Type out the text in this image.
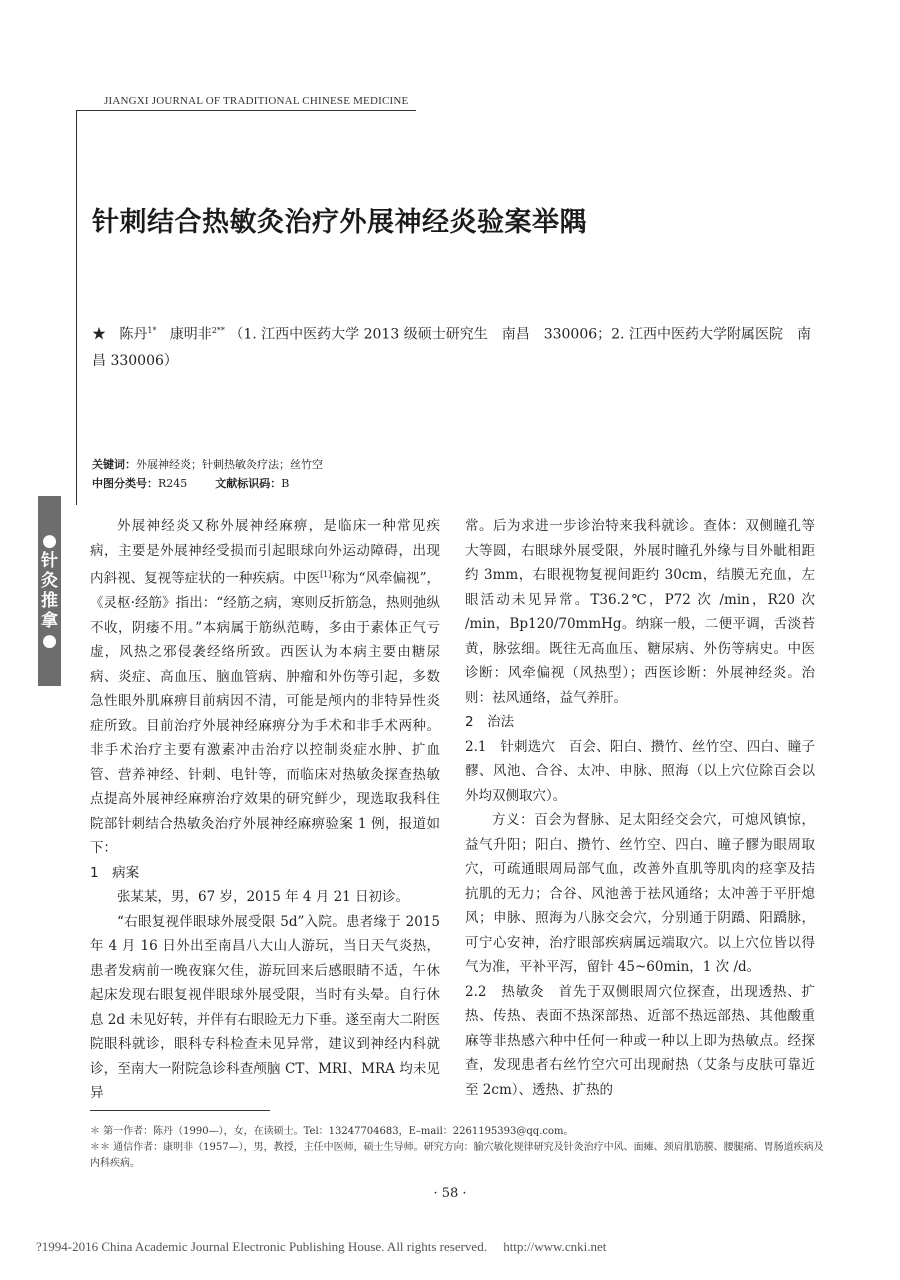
JIANGXI JOURNAL OF TRADITIONAL CHINESE MEDICINE
针刺结合热敏灸治疗外展神经炎验案举隅
★ 陈丹$^{1*}$ 康明非$^{2**}$ （1. 江西中医药大学 2013 级硕士研究生　南昌　330006；2. 江西中医药大学附属医院　南昌 330006）
关键词：外展神经炎；针刺热敏灸疗法；丝竹空
中图分类号：R245	文献标识码：B
●
针
灸
推
拿
●

外展神经炎又称外展神经麻痹，是临床一种常见疾病，主要是外展神经受损而引起眼球向外运动障碍，出现内斜视、复视等症状的一种疾病。中医[1]称为“风牵偏视”，《灵枢·经筋》指出：“经筋之病，寒则反折筋急，热则弛纵不收，阴痿不用。”本病属于筋纵范畴，多由于素体正气亏虚，风热之邪侵袭经络所致。西医认为本病主要由糖尿病、炎症、高血压、脑血管病、肿瘤和外伤等引起，多数急性眼外肌麻痹目前病因不清，可能是颅内的非特异性炎症所致。目前治疗外展神经麻痹分为手术和非手术两种。非手术治疗主要有激素冲击治疗以控制炎症水肿、扩血管、营养神经、针刺、电针等，而临床对热敏灸探查热敏点提高外展神经麻痹治疗效果的研究鲜少，现选取我科住院部针刺结合热敏灸治疗外展神经麻痹验案 1 例，报道如下：

1　病案

张某某，男，67 岁，2015 年 4 月 21 日初诊。

“右眼复视伴眼球外展受限 5d”入院。患者缘于 2015 年 4 月 16 日外出至南昌八大山人游玩，当日天气炎热，患者发病前一晚夜寐欠佳，游玩回来后感眼睛不适，午休起床发现右眼复视伴眼球外展受限，当时有头晕。自行休息 2d 未见好转，并伴有右眼睑无力下垂。遂至南大二附医院眼科就诊，眼科专科检查未见异常，建议到神经内科就诊，至南大一附院急诊科查颅脑 CT、MRI、MRA 均未见异

常。后为求进一步诊治特来我科就诊。查体：双侧瞳孔等大等圆，右眼球外展受限，外展时瞳孔外缘与目外眦相距约 3mm，右眼视物复视间距约 30cm，结膜无充血，左眼活动未见异常。T36.2℃，P72 次 /min，R20 次 /min，Bp120/70mmHg。纳寐一般，二便平调，舌淡苔黄，脉弦细。既往无高血压、糖尿病、外伤等病史。中医诊断：风牵偏视（风热型）；西医诊断：外展神经炎。治则：祛风通络，益气养肝。

2　治法

2.1　针刺选穴　百会、阳白、攒竹、丝竹空、四白、瞳子髎、风池、合谷、太冲、申脉、照海（以上穴位除百会以外均双侧取穴）。

方义：百会为督脉、足太阳经交会穴，可熄风镇惊，益气升阳；阳白、攒竹、丝竹空、四白、瞳子髎为眼周取穴，可疏通眼周局部气血，改善外直肌等肌肉的痉挛及拮抗肌的无力；合谷、风池善于祛风通络；太冲善于平肝熄风；申脉、照海为八脉交会穴，分别通于阴蹻、阳蹻脉，可宁心安神，治疗眼部疾病属远端取穴。以上穴位皆以得气为准，平补平泻，留针 45~60min，1 次 /d。

2.2　热敏灸　首先于双侧眼周穴位探查，出现透热、扩热、传热、表面不热深部热、近部不热远部热、其他酸重麻等非热感六种中任何一种或一种以上即为热敏点。经探查，发现患者右丝竹空穴可出现耐热（艾条与皮肤可靠近至 2cm）、透热、扩热的

＊ 第一作者：陈丹（1990—），女，在读硕士。Tel：13247704683，E–mail：2261195393@qq.com。

＊＊ 通信作者：康明非（1957—），男，教授，主任中医师，硕士生导师。研究方向：腧穴敏化规律研究及针灸治疗中风、面瘫、颈肩肌筋膜、腰腿痛、胃肠道疾病及内科疾病。

· 58 ·
?1994-2016 China Academic Journal Electronic Publishing House. All rights reserved.　 http://www.cnki.net
